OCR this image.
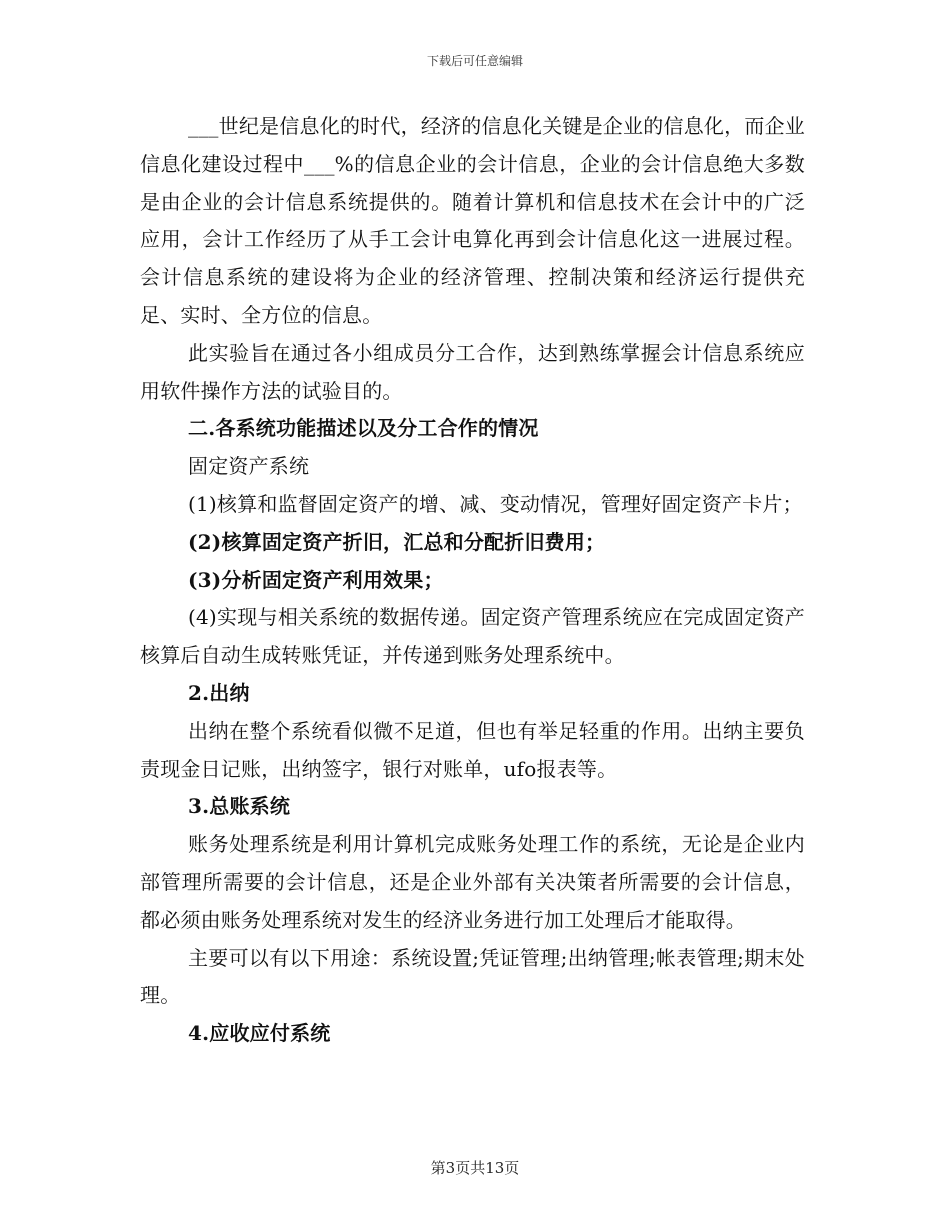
下载后可任意编辑

___世纪是信息化的时代，经济的信息化关键是企业的信息化，而企业信息化建设过程中___%的信息企业的会计信息，企业的会计信息绝大多数是由企业的会计信息系统提供的。随着计算机和信息技术在会计中的广泛应用，会计工作经历了从手工会计电算化再到会计信息化这一进展过程。会计信息系统的建设将为企业的经济管理、控制决策和经济运行提供充足、实时、全方位的信息。

此实验旨在通过各小组成员分工合作，达到熟练掌握会计信息系统应用软件操作方法的试验目的。

二.各系统功能描述以及分工合作的情况

固定资产系统

(1)核算和监督固定资产的增、减、变动情况，管理好固定资产卡片；

(2)核算固定资产折旧，汇总和分配折旧费用；

(3)分析固定资产利用效果；

(4)实现与相关系统的数据传递。固定资产管理系统应在完成固定资产核算后自动生成转账凭证，并传递到账务处理系统中。

2.出纳

出纳在整个系统看似微不足道，但也有举足轻重的作用。出纳主要负责现金日记账，出纳签字，银行对账单，ufo报表等。

3.总账系统

账务处理系统是利用计算机完成账务处理工作的系统，无论是企业内部管理所需要的会计信息，还是企业外部有关决策者所需要的会计信息，都必须由账务处理系统对发生的经济业务进行加工处理后才能取得。

主要可以有以下用途：系统设置;凭证管理;出纳管理;帐表管理;期末处理。

4.应收应付系统

第3页共13页
